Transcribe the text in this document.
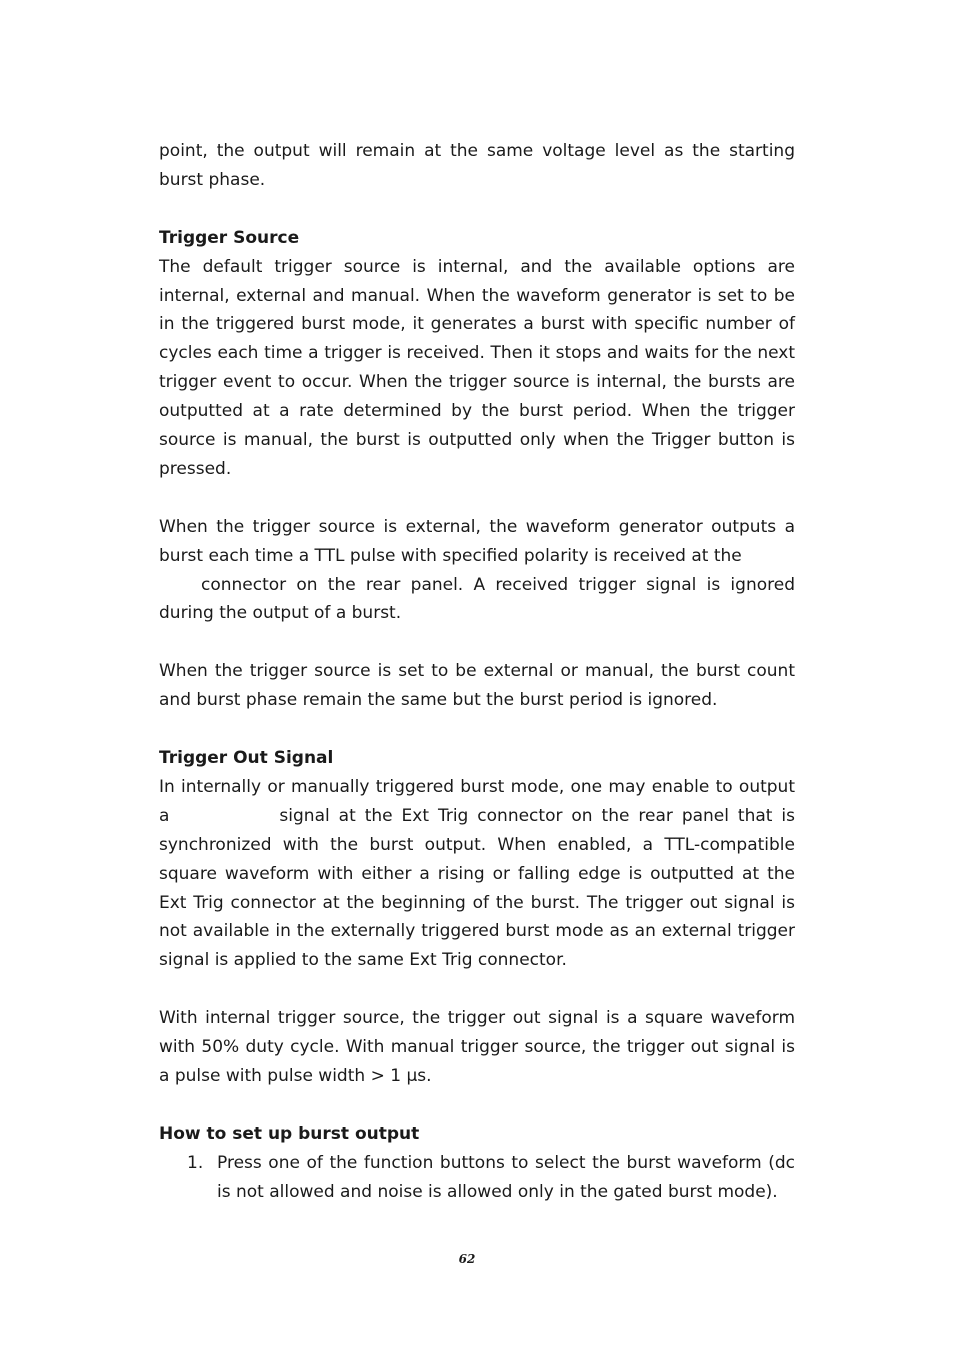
point, the output will remain at the same voltage level as the starting burst phase.

Trigger Source

The default trigger source is internal, and the available options are internal, external and manual. When the waveform generator is set to be in the triggered burst mode, it generates a burst with specific number of cycles each time a trigger is received. Then it stops and waits for the next trigger event to occur. When the trigger source is internal, the bursts are outputted at a rate determined by the burst period. When the trigger source is manual, the burst is outputted only when the Trigger button is pressed.

When the trigger source is external, the waveform generator outputs a burst each time a TTL pulse with specified polarity is received at the
connector on the rear panel. A received trigger signal is ignored during the output of a burst.

When the trigger source is set to be external or manual, the burst count and burst phase remain the same but the burst period is ignored.

Trigger Out Signal

In internally or manually triggered burst mode, one may enable to output a	signal at the Ext Trig connector on the rear panel that is synchronized with the burst output. When enabled, a TTL-compatible square waveform with either a rising or falling edge is outputted at the Ext Trig connector at the beginning of the burst. The trigger out signal is not available in the externally triggered burst mode as an external trigger signal is applied to the same Ext Trig connector.

With internal trigger source, the trigger out signal is a square waveform with 50% duty cycle. With manual trigger source, the trigger out signal is a pulse with pulse width > 1 μs.

How to set up burst output
1. Press one of the function buttons to select the burst waveform (dc is not allowed and noise is allowed only in the gated burst mode).
62
